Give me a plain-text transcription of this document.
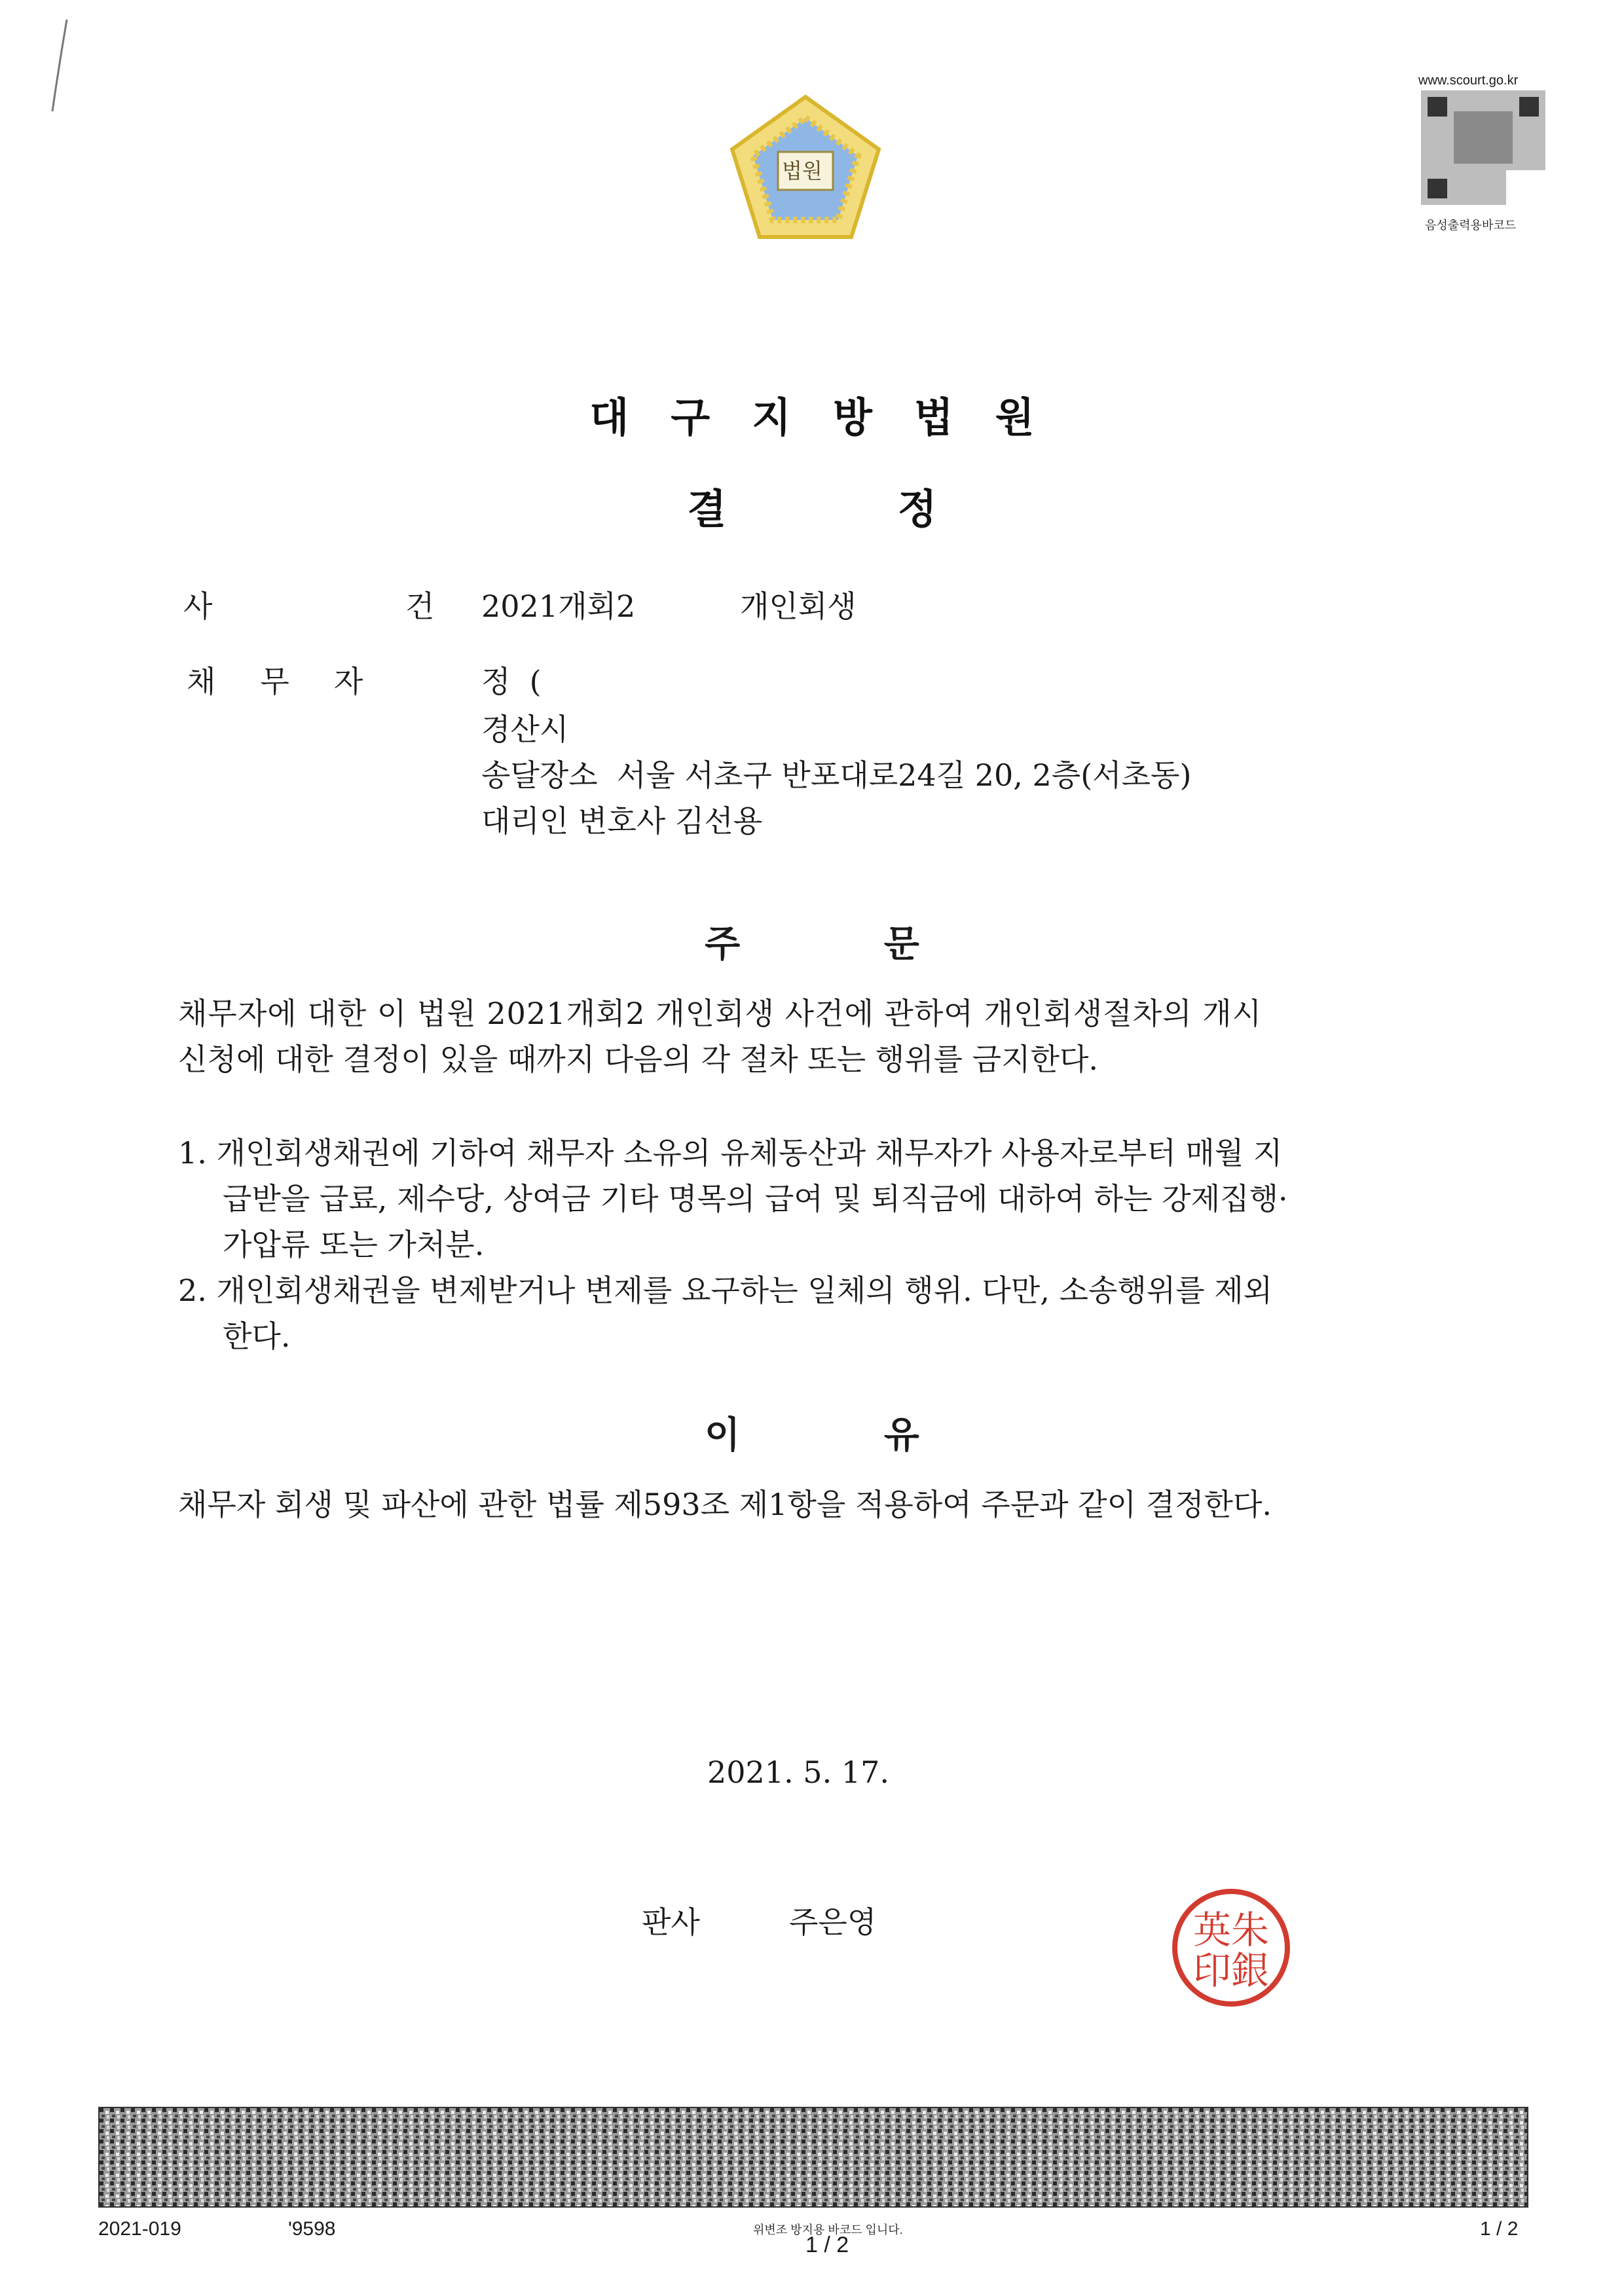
법원
www.scourt.go.kr
음성출력용바코드
대구지방법원
결 정
사 건
2021개회2	개인회생
채무자 정  (
경산시
송달장소  서울 서초구 반포대로24길 20, 2층(서초동)
대리인 변호사 김선용
주 문
채무자에 대한 이 법원 2021개회2 개인회생 사건에 관하여 개인회생절차의 개시
신청에 대한 결정이 있을 때까지 다음의 각 절차 또는 행위를 금지한다.
1. 개인회생채권에 기하여 채무자 소유의 유체동산과 채무자가 사용자로부터 매월 지
급받을 급료, 제수당, 상여금 기타 명목의 급여 및 퇴직금에 대하여 하는 강제집행·
가압류 또는 가처분.
2. 개인회생채권을 변제받거나 변제를 요구하는 일체의 행위. 다만, 소송행위를 제외
한다.
이 유
채무자 회생 및 파산에 관한 법률 제593조 제1항을 적용하여 주문과 같이 결정한다.
2021. 5. 17.
판사	주은영	英朱
印銀
2021-019	'9598	위변조 방지용 바코드 입니다.
1 / 2
1 / 2
